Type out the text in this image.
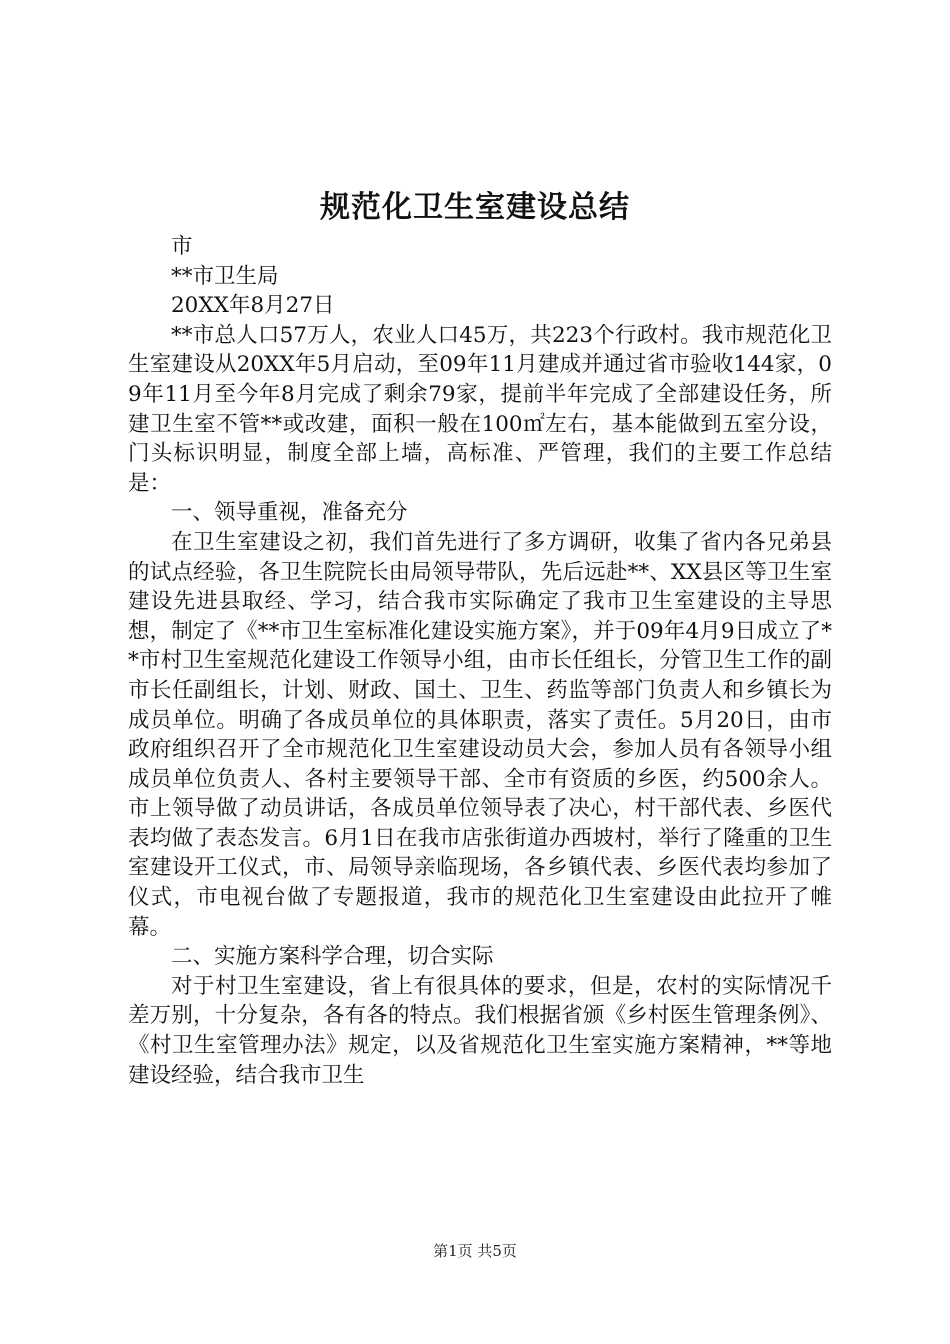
规范化卫生室建设总结

市

**市卫生局

20XX年8月27日

**市总人口57万人，农业人口45万，共223个行政村。我市规范化卫生室建设从20XX年5月启动，至09年11月建成并通过省市验收144家，09年11月至今年8月完成了剩余79家，提前半年完成了全部建设任务，所建卫生室不管**或改建，面积一般在100㎡左右，基本能做到五室分设，门头标识明显，制度全部上墙，高标准、严管理，我们的主要工作总结是：

一、领导重视，准备充分

在卫生室建设之初，我们首先进行了多方调研，收集了省内各兄弟县的试点经验，各卫生院院长由局领导带队，先后远赴**、XX县区等卫生室建设先进县取经、学习，结合我市实际确定了我市卫生室建设的主导思想，制定了《**市卫生室标准化建设实施方案》，并于09年4月9日成立了**市村卫生室规范化建设工作领导小组，由市长任组长，分管卫生工作的副市长任副组长，计划、财政、国土、卫生、药监等部门负责人和乡镇长为成员单位。明确了各成员单位的具体职责，落实了责任。5月20日，由市政府组织召开了全市规范化卫生室建设动员大会，参加人员有各领导小组成员单位负责人、各村主要领导干部、全市有资质的乡医，约500余人。市上领导做了动员讲话，各成员单位领导表了决心，村干部代表、乡医代表均做了表态发言。6月1日在我市店张街道办西坡村，举行了隆重的卫生室建设开工仪式，市、局领导亲临现场，各乡镇代表、乡医代表均参加了仪式，市电视台做了专题报道，我市的规范化卫生室建设由此拉开了帷幕。

二、实施方案科学合理，切合实际

对于村卫生室建设，省上有很具体的要求，但是，农村的实际情况千差万别，十分复杂，各有各的特点。我们根据省颁《乡村医生管理条例》、《村卫生室管理办法》规定，以及省规范化卫生室实施方案精神，**等地建设经验，结合我市卫生

第1页 共5页
